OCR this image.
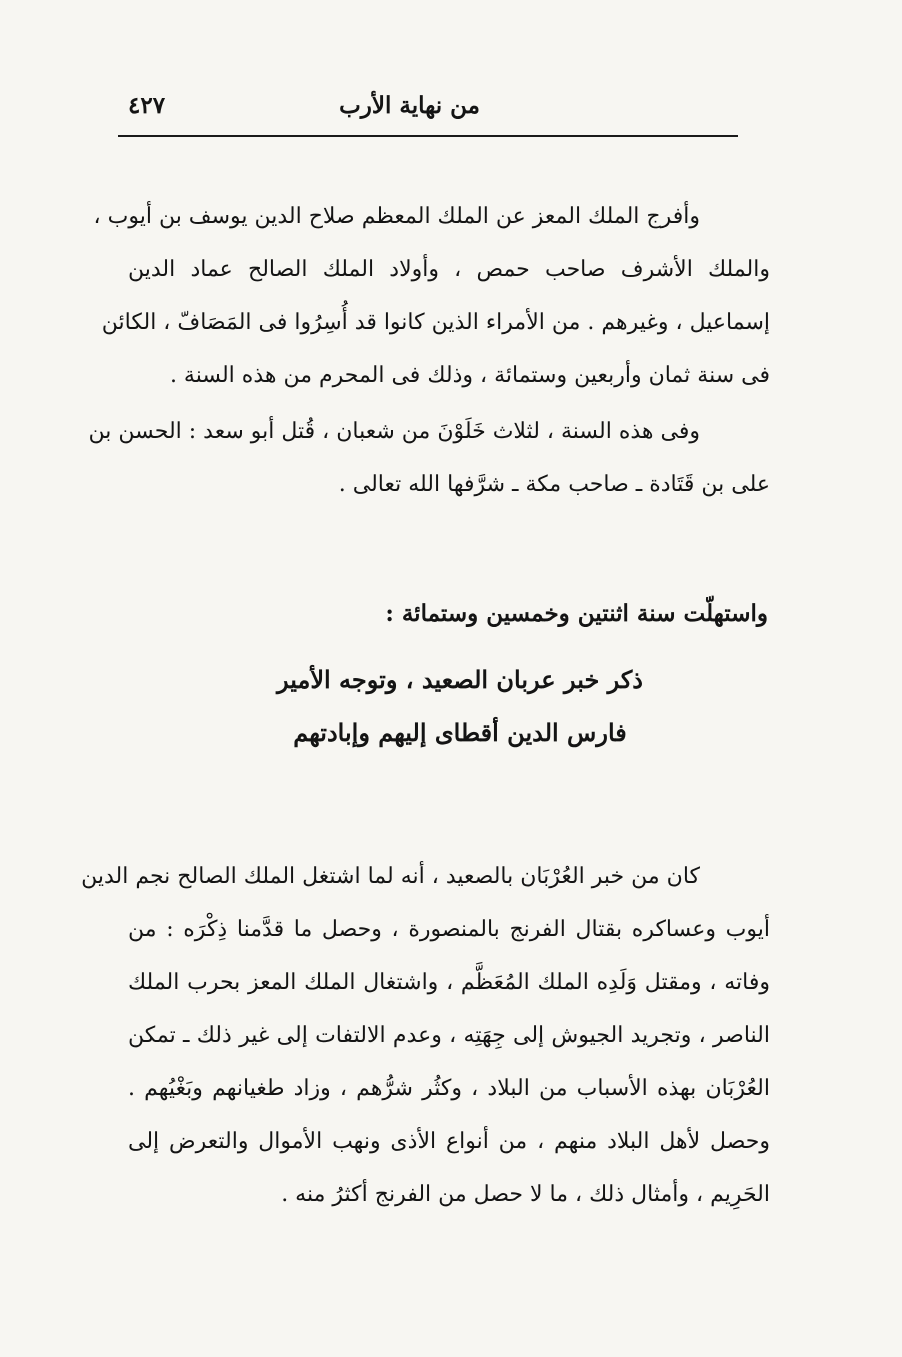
من نهاية الأرب
٤٢٧
وأفرج الملك المعز عن الملك المعظم صلاح الدين يوسف بن أيوب ،
والملك الأشرف صاحب حمص ، وأولاد الملك الصالح عماد الدين
إسماعيل ، وغيرهم . من الأمراء الذين كانوا قد أُسِرُوا فى المَصَافّ ، الكائن
فى سنة ثمان وأربعين وستمائة ، وذلك فى المحرم من هذه السنة .
وفى هذه السنة ، لثلاث خَلَوْنَ من شعبان ، قُتل أبو سعد : الحسن بن
على بن قَتَادة ـ صاحب مكة ـ شرَّفها الله تعالى .
واستهلّت سنة اثنتين وخمسين وستمائة :
ذكر خبر عربان الصعيد ، وتوجه الأمير
فارس الدين أقطاى إليهم وإبادتهم
كان من خبر العُرْبَان بالصعيد ، أنه لما اشتغل الملك الصالح نجم الدين
أيوب وعساكره بقتال الفرنج بالمنصورة ، وحصل ما قدَّمنا ذِكْرَه : من
وفاته ، ومقتل وَلَدِه الملك المُعَظَّم ، واشتغال الملك المعز بحرب الملك
الناصر ، وتجريد الجيوش إلى جِهَتِه ، وعدم الالتفات إلى غير ذلك ـ تمكن
العُرْبَان بهذه الأسباب من البلاد ، وكثُر شرُّهم ، وزاد طغيانهم وبَغْيُهم .
وحصل لأهل البلاد منهم ، من أنواع الأذى ونهب الأموال والتعرض إلى
الحَرِيم ، وأمثال ذلك ، ما لا حصل من الفرنج أكثرُ منه .
